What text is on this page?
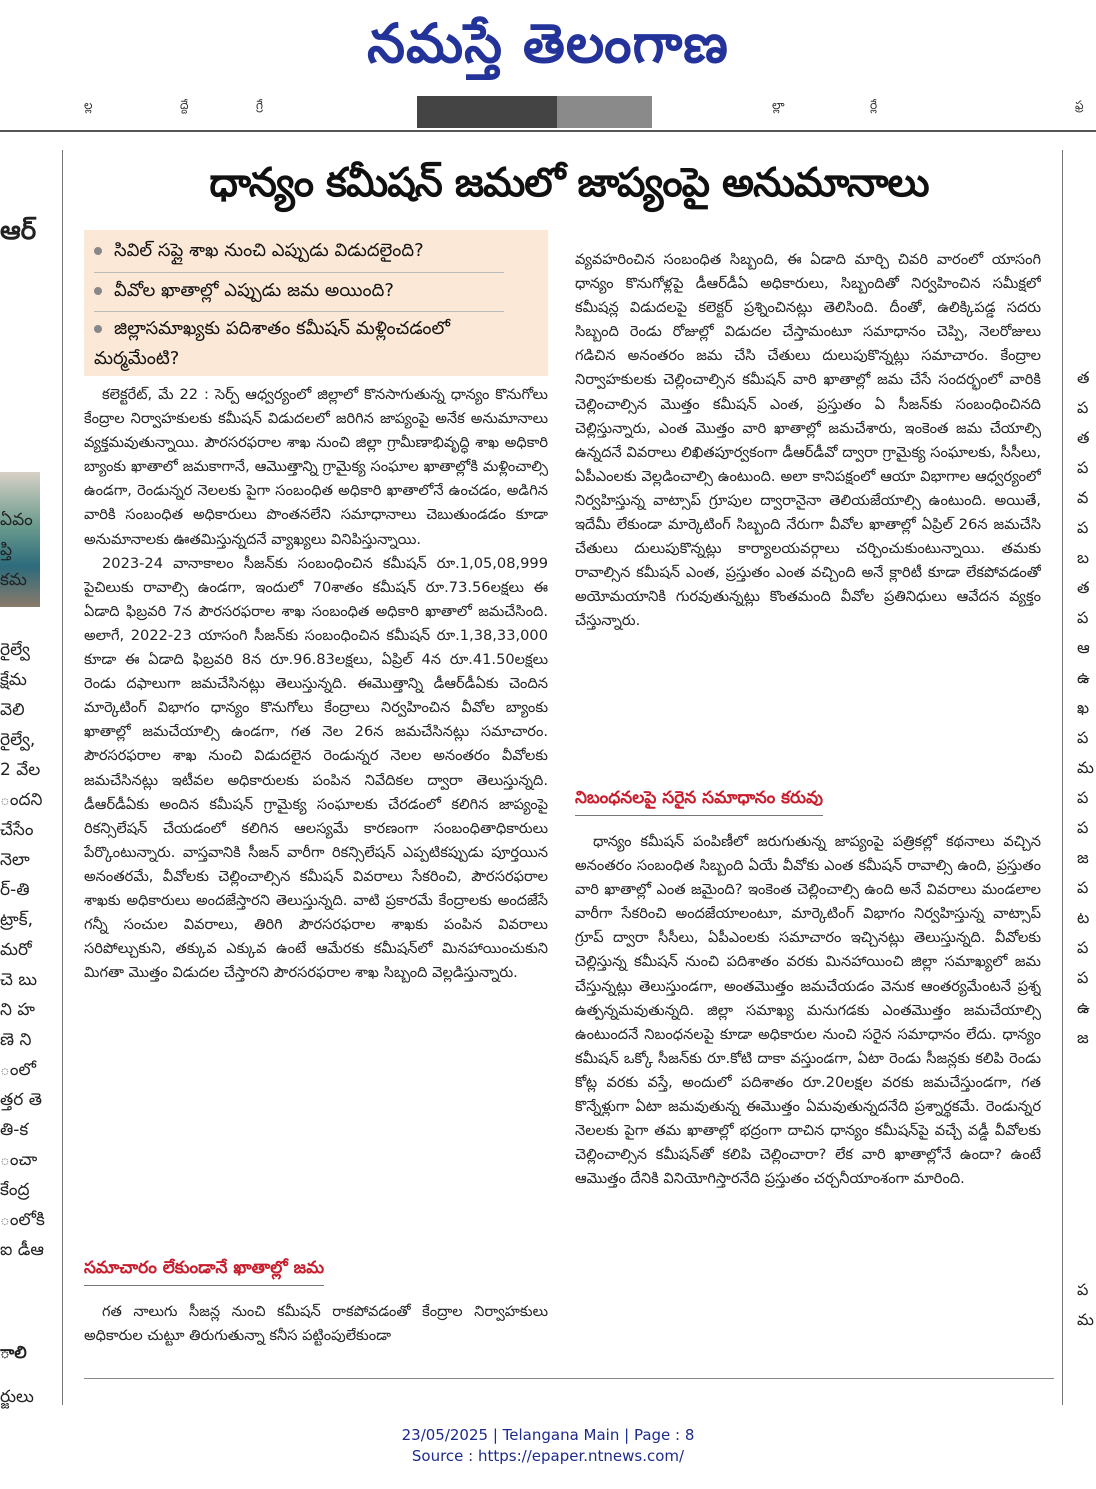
నమస్తే తెలంగాణ
ల్ల	ద్దే	గ్రే	ల్లా	ర్లే	ఫ్ర
ఆర్
ఏవం
ప్తి
కమ
రైల్వే
క్షేమ
వెలి
రైల్వే,
2 వేల
ందని
చేసేం
నెలా
ర్-తి
ట్రాక్,
మరో
చె బు
ని హ
ణె ని
ంలో
త్తర తె
తి-క
ంచా
కేంద్ర
ంలోకి
ఐ డీఆ
ాలి
ర్జులు
త
ప
త
ప
వ
ప
బ
త
ప
ఆ
ఉ
ఖ
ప
మ
ప
ప
జ
ప
ట
ప
ప
ఉ
జ
ప
మ
ధాన్యం కమీషన్ జమలో జాప్యంపై అనుమానాలు
సివిల్ సప్లై శాఖ నుంచి ఎప్పుడు విడుదలైంది?
వీవోల ఖాతాల్లో ఎప్పుడు జమ అయింది?
జిల్లాసమాఖ్యకు పదిశాతం కమీషన్ మళ్లించడంలో మర్మమేంటి?

కలెక్టరేట్, మే 22 : సెర్ప్ ఆధ్వర్యంలో జిల్లాలో కొనసాగుతున్న ధాన్యం కొనుగోలు కేంద్రాల నిర్వాహకులకు కమీషన్ విడుదలలో జరిగిన జాప్యంపై అనేక అనుమానాలు వ్యక్తమవుతున్నాయి. పౌరసరఫరాల శాఖ నుంచి జిల్లా గ్రామీణాభివృద్ధి శాఖ అధికారి బ్యాంకు ఖాతాలో జమకాగానే, ఆమొత్తాన్ని గ్రామైక్య సంఘాల ఖాతాల్లోకి మళ్లించాల్సి ఉండగా, రెండున్నర నెలలకు పైగా సంబంధిత అధికారి ఖాతాలోనే ఉంచడం, అడిగిన వారికి సంబంధిత అధికారులు పొంతనలేని సమాధానాలు చెబుతుండడం కూడా అనుమానాలకు ఊతమిస్తున్నదనే వ్యాఖ్యలు వినిపిస్తున్నాయి.

2023-24 వానాకాలం సీజన్‌కు సంబంధించిన కమీషన్ రూ.1,05,08,999 పైచిలుకు రావాల్సి ఉండగా, ఇందులో 70శాతం కమీషన్ రూ.73.56లక్షలు ఈ ఏడాది ఫిబ్రవరి 7న పౌరసరఫరాల శాఖ సంబంధిత అధికారి ఖాతాలో జమచేసింది. అలాగే, 2022-23 యాసంగి సీజన్‌కు సంబంధించిన కమీషన్ రూ.1,38,33,000 కూడా ఈ ఏడాది ఫిబ్రవరి 8న రూ.96.83లక్షలు, ఏప్రిల్ 4న రూ.41.50లక్షలు రెండు దఫాలుగా జమచేసినట్లు తెలుస్తున్నది. ఈమొత్తాన్ని డీఆర్‌డీఏకు చెందిన మార్కెటింగ్ విభాగం ధాన్యం కొనుగోలు కేంద్రాలు నిర్వహించిన వీవోల బ్యాంకు ఖాతాల్లో జమచేయాల్సి ఉండగా, గత నెల 26న జమచేసినట్లు సమాచారం. పౌరసరఫరాల శాఖ నుంచి విడుదలైన రెండున్నర నెలల అనంతరం వీవోలకు జమచేసినట్లు ఇటీవల అధికారులకు పంపిన నివేదికల ద్వారా తెలుస్తున్నది. డీఆర్‌డీఏకు అందిన కమీషన్ గ్రామైక్య సంఘాలకు చేరడంలో కలిగిన జాప్యంపై రికన్సిలేషన్ చేయడంలో కలిగిన ఆలస్యమే కారణంగా సంబంధితాధికారులు పేర్కొంటున్నారు. వాస్తవానికి సీజన్ వారీగా రికన్సిలేషన్ ఎప్పటికప్పుడు పూర్తయిన అనంతరమే, వీవోలకు చెల్లించాల్సిన కమీషన్ వివరాలు సేకరించి, పౌరసరఫరాల శాఖకు అధికారులు అందజేస్తారని తెలుస్తున్నది. వాటి ప్రకారమే కేంద్రాలకు అందజేసే గన్నీ సంచుల వివరాలు, తిరిగి పౌరసరఫరాల శాఖకు పంపిన వివరాలు సరిపోల్చుకుని, తక్కువ ఎక్కువ ఉంటే ఆమేరకు కమీషన్‌లో మినహాయించుకుని మిగతా మొత్తం విడుదల చేస్తారని పౌరసరఫరాల శాఖ సిబ్బంది వెల్లడిస్తున్నారు.

సమాచారం లేకుండానే ఖాతాల్లో జమ

గత నాలుగు సీజన్ల నుంచి కమీషన్ రాకపోవడంతో కేంద్రాల నిర్వాహకులు అధికారుల చుట్టూ తిరుగుతున్నా కనీస పట్టింపులేకుండా

వ్యవహరించిన సంబంధిత సిబ్బంది, ఈ ఏడాది మార్చి చివరి వారంలో యాసంగి ధాన్యం కొనుగోళ్లపై డీఆర్‌డీఏ అధికారులు, సిబ్బందితో నిర్వహించిన సమీక్షలో కమీషన్ల విడుదలపై కలెక్టర్ ప్రశ్నించినట్లు తెలిసింది. దీంతో, ఉలిక్కిపడ్డ సదరు సిబ్బంది రెండు రోజుల్లో విడుదల చేస్తామంటూ సమాధానం చెప్పి, నెలరోజులు గడిచిన అనంతరం జమ చేసి చేతులు దులుపుకొన్నట్లు సమాచారం. కేంద్రాల నిర్వాహకులకు చెల్లించాల్సిన కమీషన్ వారి ఖాతాల్లో జమ చేసే సందర్భంలో వారికి చెల్లించాల్సిన మొత్తం కమీషన్ ఎంత, ప్రస్తుతం ఏ సీజన్‌కు సంబంధించినది చెల్లిస్తున్నారు, ఎంత మొత్తం వారి ఖాతాల్లో జమచేశారు, ఇంకెంత జమ చేయాల్సి ఉన్నదనే వివరాలు లిఖితపూర్వకంగా డీఆర్‌డీవో ద్వారా గ్రామైక్య సంఘాలకు, సీసీలు, ఏపీఎంలకు వెల్లడించాల్సి ఉంటుంది. అలా కానిపక్షంలో ఆయా విభాగాల ఆధ్వర్యంలో నిర్వహిస్తున్న వాట్సాప్ గ్రూపుల ద్వారానైనా తెలియజేయాల్సి ఉంటుంది. అయితే, ఇదేమీ లేకుండా మార్కెటింగ్ సిబ్బంది నేరుగా వీవోల ఖాతాల్లో ఏప్రిల్ 26న జమచేసి చేతులు దులుపుకొన్నట్లు కార్యాలయవర్గాలు చర్చించుకుంటున్నాయి. తమకు రావాల్సిన కమీషన్ ఎంత, ప్రస్తుతం ఎంత వచ్చింది అనే క్లారిటీ కూడా లేకపోవడంతో అయోమయానికి గురవుతున్నట్లు కొంతమంది వీవోల ప్రతినిధులు ఆవేదన వ్యక్తం చేస్తున్నారు.

నిబంధనలపై సరైన సమాధానం కరువు

ధాన్యం కమీషన్ పంపిణీలో జరుగుతున్న జాప్యంపై పత్రికల్లో కథనాలు వచ్చిన అనంతరం సంబంధిత సిబ్బంది ఏయే వీవోకు ఎంత కమీషన్ రావాల్సి ఉంది, ప్రస్తుతం వారి ఖాతాల్లో ఎంత జమైంది? ఇంకెంత చెల్లించాల్సి ఉంది అనే వివరాలు మండలాల వారీగా సేకరించి అందజేయాలంటూ, మార్కెటింగ్ విభాగం నిర్వహిస్తున్న వాట్సాప్ గ్రూప్ ద్వారా సీసీలు, ఏపీఎంలకు సమాచారం ఇచ్చినట్లు తెలుస్తున్నది. వీవోలకు చెల్లిస్తున్న కమీషన్ నుంచి పదిశాతం వరకు మినహాయించి జిల్లా సమాఖ్యలో జమ చేస్తున్నట్లు తెలుస్తుండగా, అంతమొత్తం జమచేయడం వెనుక ఆంతర్యమేంటనే ప్రశ్న ఉత్పన్నమవుతున్నది. జిల్లా సమాఖ్య మనుగడకు ఎంతమొత్తం జమచేయాల్సి ఉంటుందనే నిబంధనలపై కూడా అధికారుల నుంచి సరైన సమాధానం లేదు. ధాన్యం కమీషన్ ఒక్కో సీజన్‌కు రూ.కోటి దాకా వస్తుండగా, ఏటా రెండు సీజన్లకు కలిపి రెండు కోట్ల వరకు వస్తే, అందులో పదిశాతం రూ.20లక్షల వరకు జమచేస్తుండగా, గత కొన్నేళ్లుగా ఏటా జమవుతున్న ఈమొత్తం ఏమవుతున్నదనేది ప్రశ్నార్థకమే. రెండున్నర నెలలకు పైగా తమ ఖాతాల్లో భద్రంగా దాచిన ధాన్యం కమీషన్‌పై వచ్చే వడ్డీ వీవోలకు చెల్లించాల్సిన కమీషన్‌తో కలిపి చెల్లించారా? లేక వారి ఖాతాల్లోనే ఉందా? ఉంటే ఆమొత్తం దేనికి వినియోగిస్తారనేది ప్రస్తుతం చర్చనీయాంశంగా మారింది.

23/05/2025 | Telangana Main | Page : 8
Source : https://epaper.ntnews.com/
